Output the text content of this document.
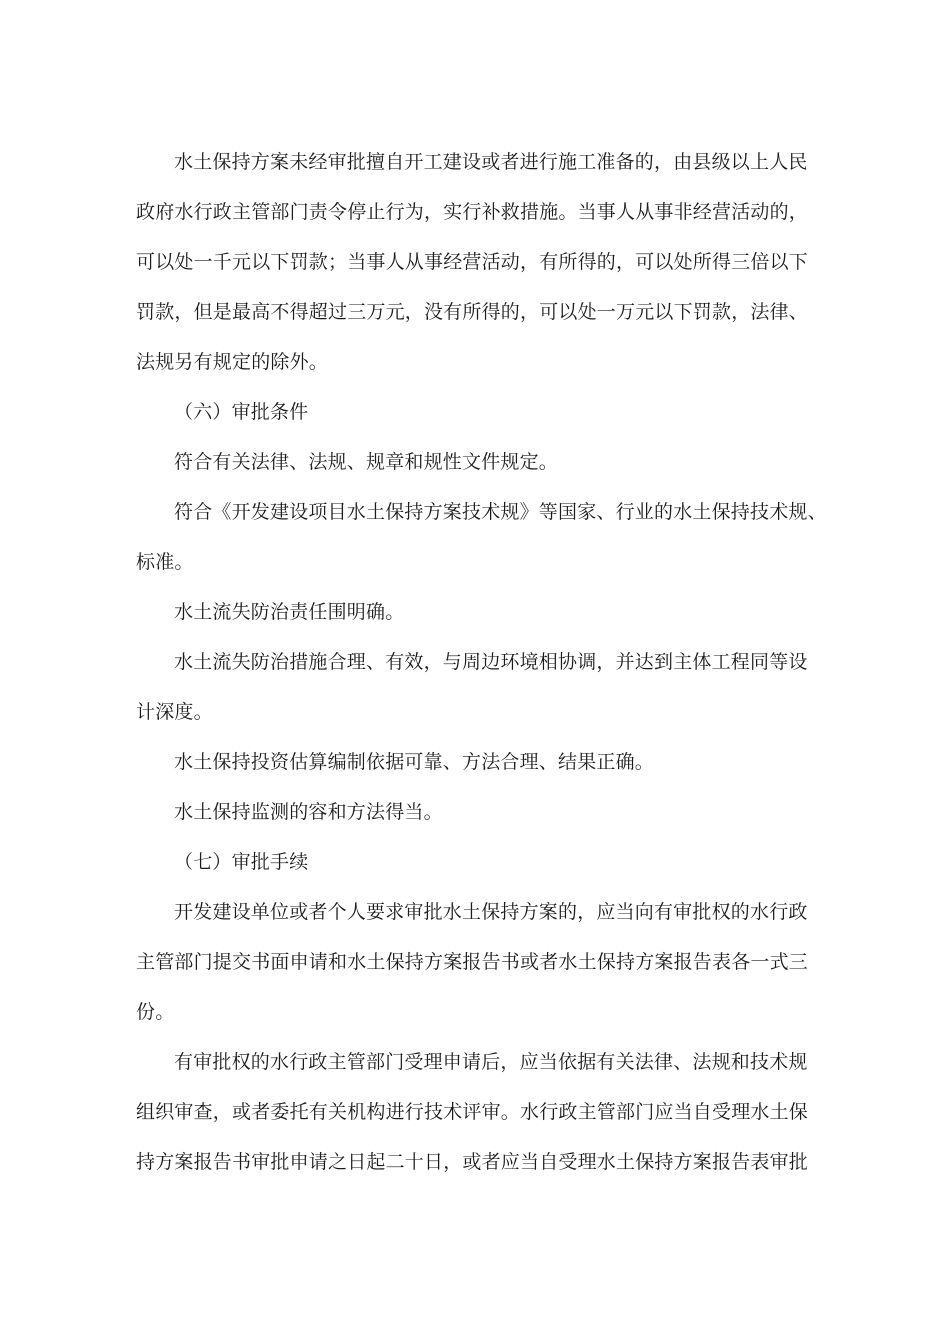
水土保持方案未经审批擅自开工建设或者进行施工准备的，由县级以上人民
政府水行政主管部门责令停止行为，实行补救措施。当事人从事非经营活动的，
可以处一千元以下罚款；当事人从事经营活动，有所得的，可以处所得三倍以下
罚款，但是最高不得超过三万元，没有所得的，可以处一万元以下罚款，法律、
法规另有规定的除外。
（六）审批条件
符合有关法律、法规、规章和规性文件规定。
符合《开发建设项目水土保持方案技术规》等国家、行业的水土保持技术规、
标准。
水土流失防治责任围明确。
水土流失防治措施合理、有效，与周边环境相协调，并达到主体工程同等设
计深度。
水土保持投资估算编制依据可靠、方法合理、结果正确。
水土保持监测的容和方法得当。
（七）审批手续
开发建设单位或者个人要求审批水土保持方案的，应当向有审批权的水行政
主管部门提交书面申请和水土保持方案报告书或者水土保持方案报告表各一式三
份。
有审批权的水行政主管部门受理申请后，应当依据有关法律、法规和技术规
组织审查，或者委托有关机构进行技术评审。水行政主管部门应当自受理水土保
持方案报告书审批申请之日起二十日，或者应当自受理水土保持方案报告表审批
